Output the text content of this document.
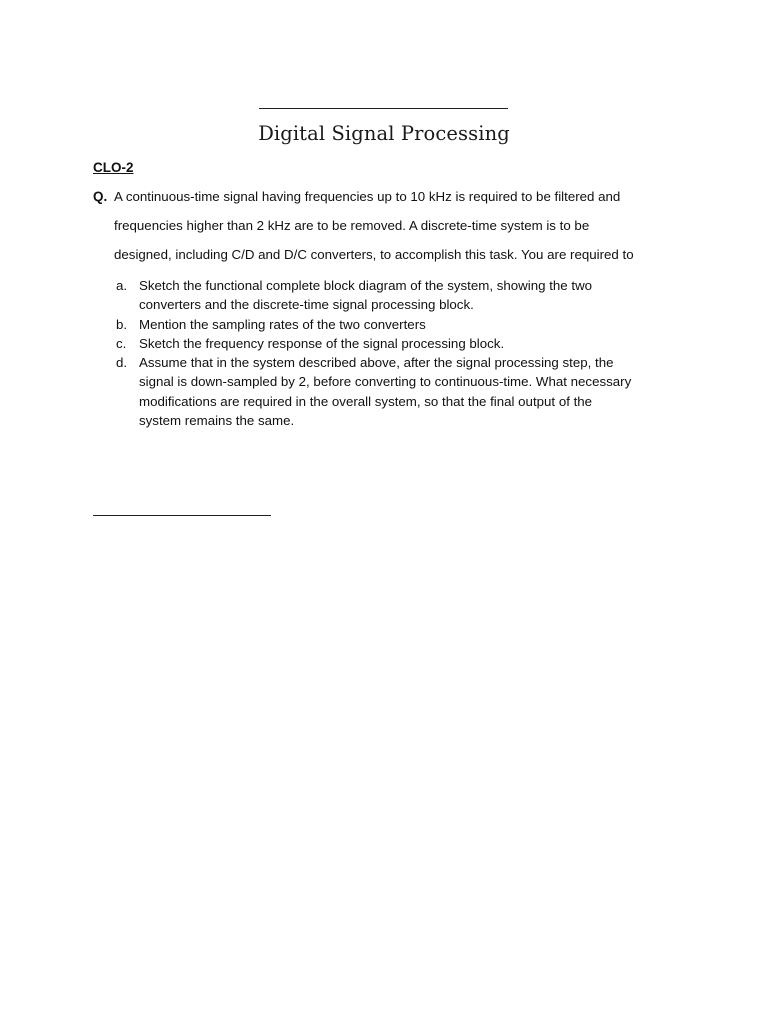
Digital Signal Processing
CLO-2
Q. A continuous-time signal having frequencies up to 10 kHz is required to be filtered and
frequencies higher than 2 kHz are to be removed. A discrete-time system is to be
designed, including C/D and D/C converters, to accomplish this task. You are required to
a. Sketch the functional complete block diagram of the system, showing the two
converters and the discrete-time signal processing block.
b. Mention the sampling rates of the two converters
c. Sketch the frequency response of the signal processing block.
d. Assume that in the system described above, after the signal processing step, the
signal is down-sampled by 2, before converting to continuous-time. What necessary
modifications are required in the overall system, so that the final output of the
system remains the same.
